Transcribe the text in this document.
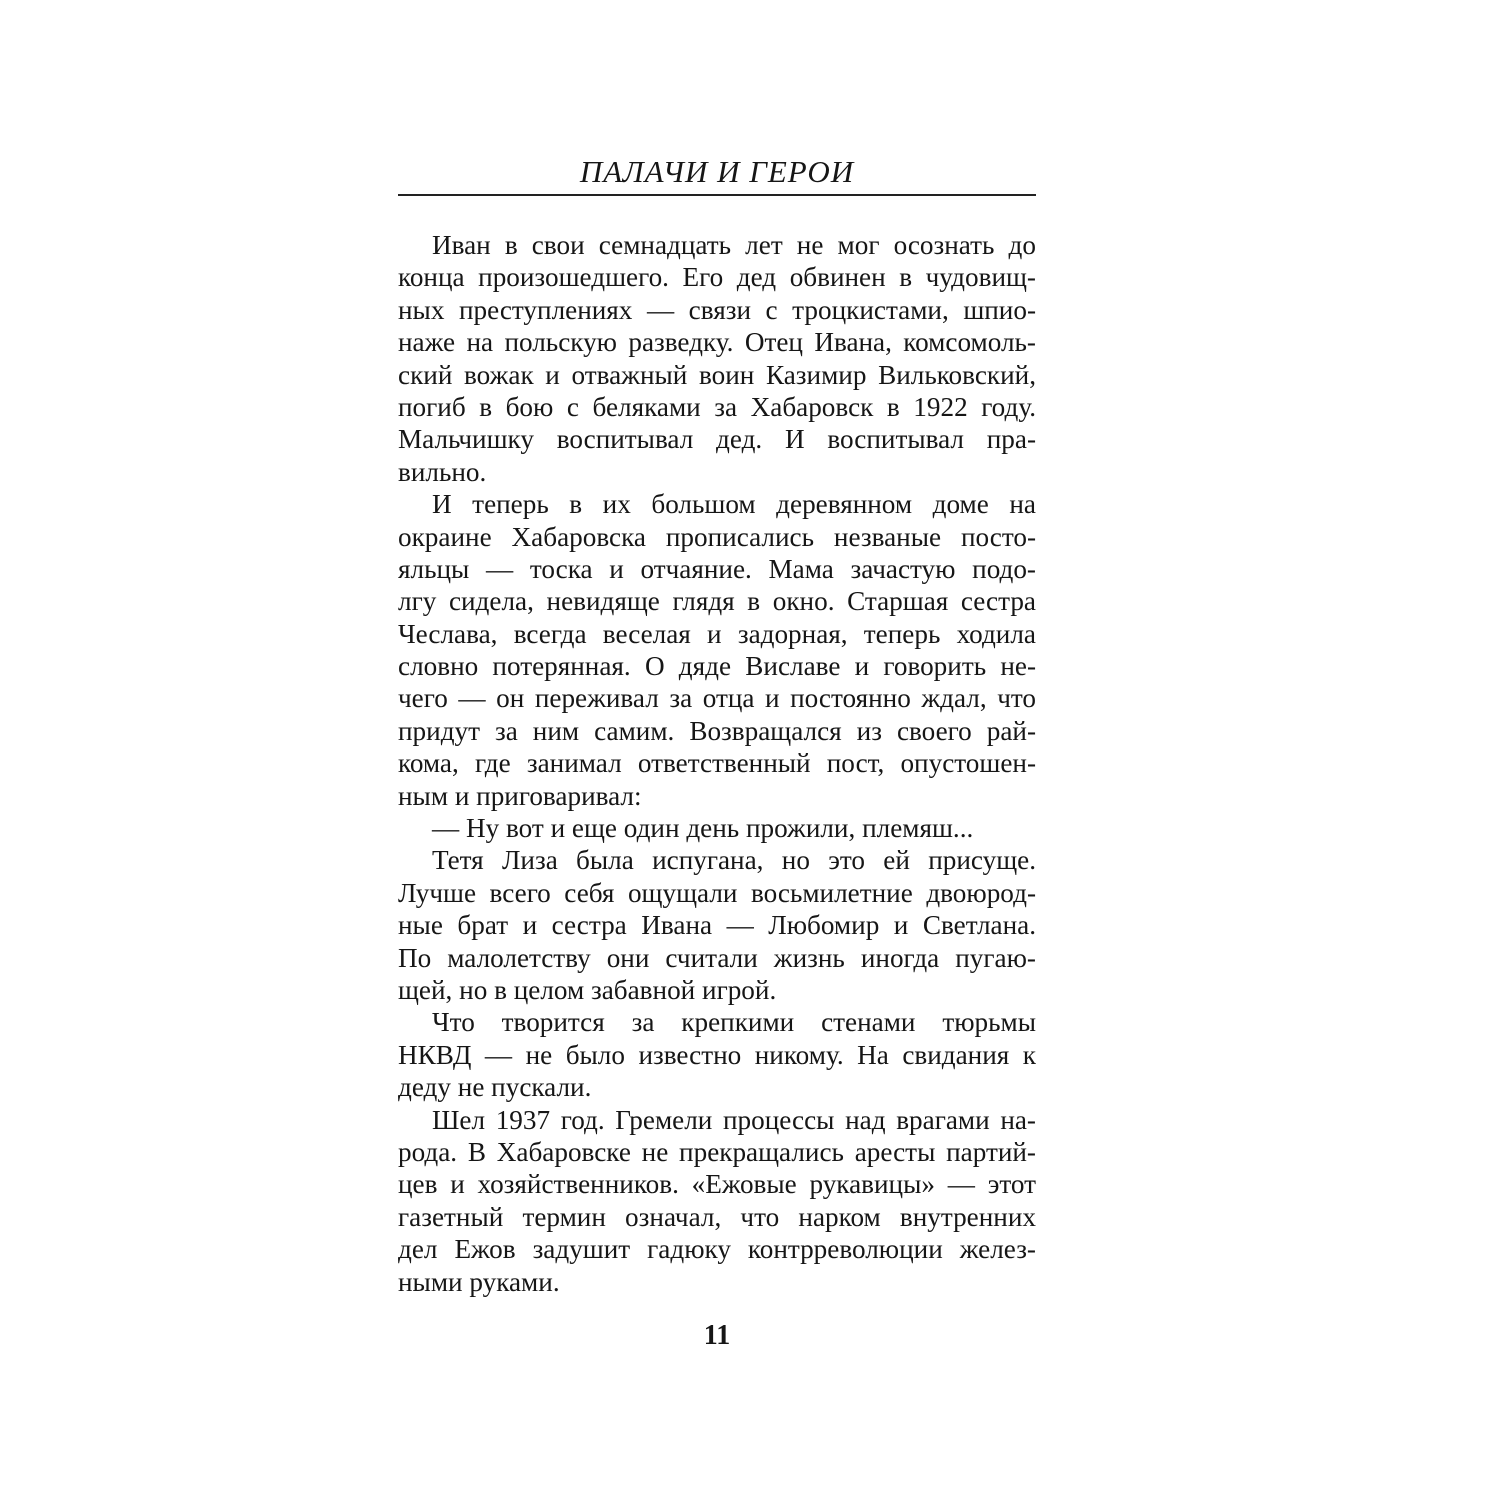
ПАЛАЧИ И ГЕРОИ

Иван в свои семнадцать лет не мог осознать до
конца произошедшего. Его дед обвинен в чудовищ-
ных преступлениях — связи с троцкистами, шпио-
наже на польскую разведку. Отец Ивана, комсомоль-
ский вожак и отважный воин Казимир Вильковский,
погиб в бою с беляками за Хабаровск в 1922 году.
Мальчишку воспитывал дед. И воспитывал пра-
вильно.

И теперь в их большом деревянном доме на
окраине Хабаровска прописались незваные посто-
яльцы — тоска и отчаяние. Мама зачастую подо-
лгу сидела, невидяще глядя в окно. Старшая сестра
Чеслава, всегда веселая и задорная, теперь ходила
словно потерянная. О дяде Виславе и говорить не-
чего — он переживал за отца и постоянно ждал, что
придут за ним самим. Возвращался из своего рай-
кома, где занимал ответственный пост, опустошен-
ным и приговаривал:

— Ну вот и еще один день прожили, племяш...

Тетя Лиза была испугана, но это ей присуще.
Лучше всего себя ощущали восьмилетние двоюрод-
ные брат и сестра Ивана — Любомир и Светлана.
По малолетству они считали жизнь иногда пугаю-
щей, но в целом забавной игрой.

Что творится за крепкими стенами тюрьмы
НКВД — не было известно никому. На свидания к
деду не пускали.

Шел 1937 год. Гремели процессы над врагами на-
рода. В Хабаровске не прекращались аресты партий-
цев и хозяйственников. «Ежовые рукавицы» — этот
газетный термин означал, что нарком внутренних
дел Ежов задушит гадюку контрреволюции желез-
ными руками.

11
